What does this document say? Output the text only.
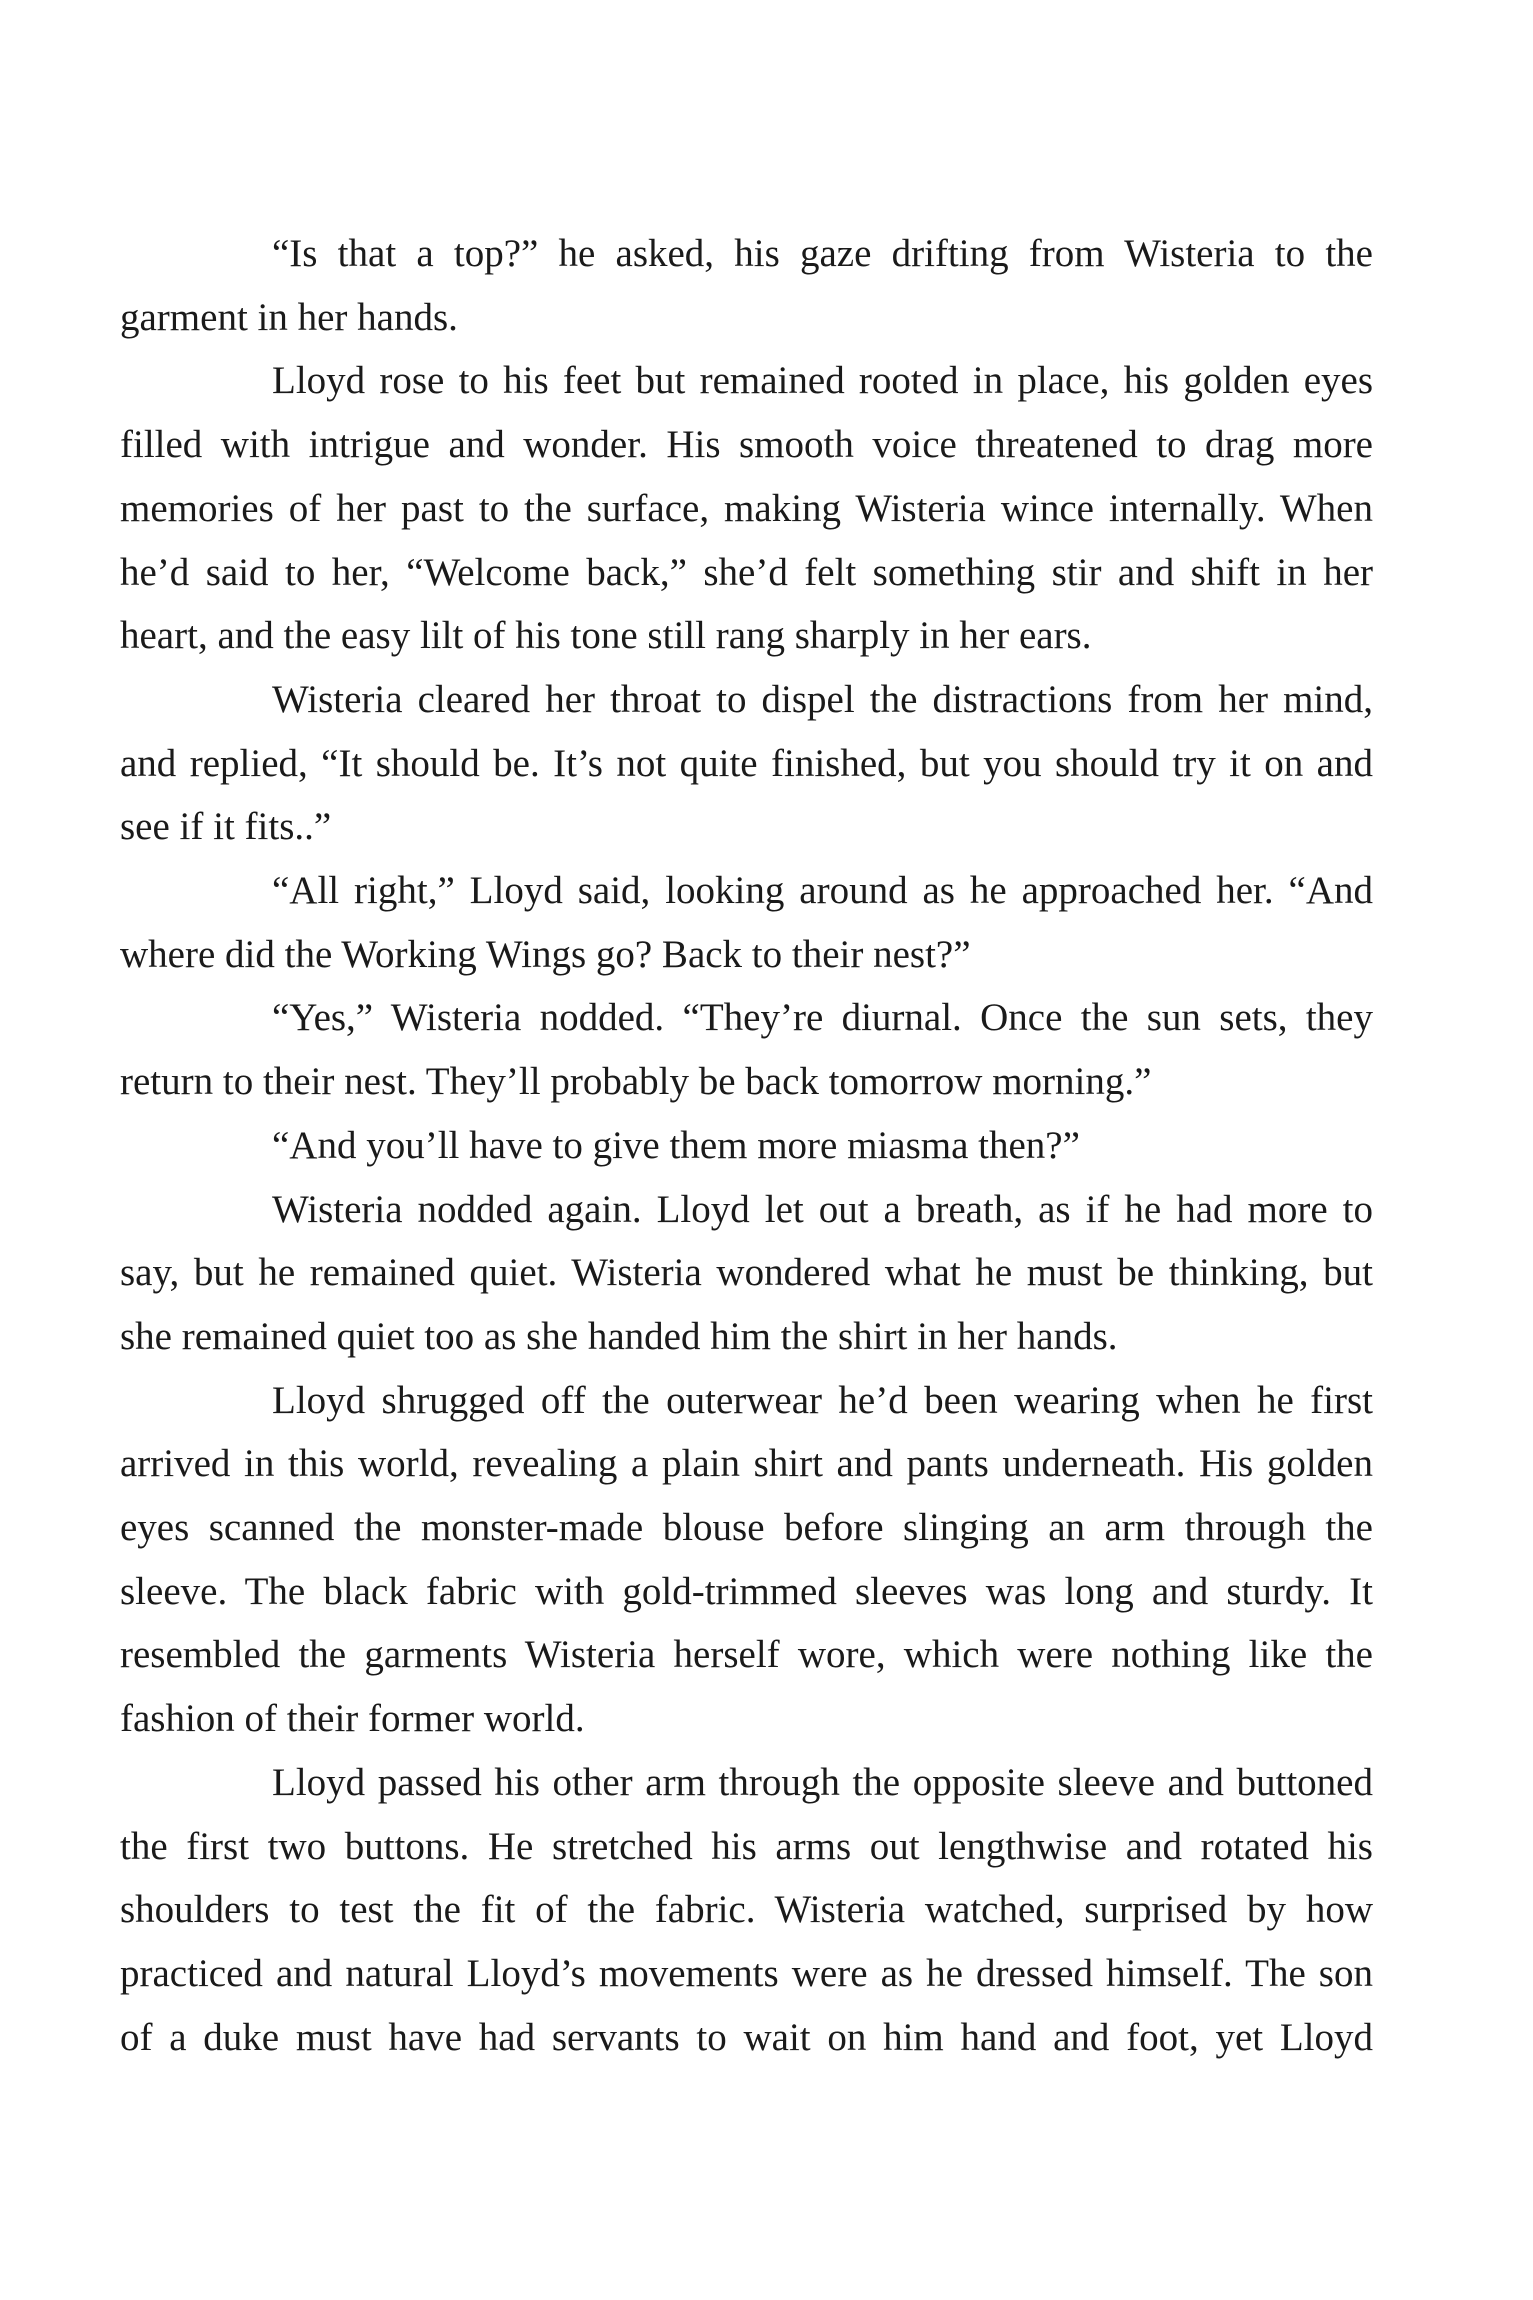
“Is that a top?” he asked, his gaze drifting from Wisteria to the garment in her hands.

Lloyd rose to his feet but remained rooted in place, his golden eyes filled with intrigue and wonder. His smooth voice threatened to drag more memories of her past to the surface, making Wisteria wince internally. When he’d said to her, “Welcome back,” she’d felt something stir and shift in her heart, and the easy lilt of his tone still rang sharply in her ears.

Wisteria cleared her throat to dispel the distractions from her mind, and replied, “It should be. It’s not quite finished, but you should try it on and see if it fits..”

“All right,” Lloyd said, looking around as he approached her. “And where did the Working Wings go? Back to their nest?”

“Yes,” Wisteria nodded. “They’re diurnal. Once the sun sets, they return to their nest. They’ll probably be back tomorrow morning.”

“And you’ll have to give them more miasma then?”

Wisteria nodded again. Lloyd let out a breath, as if he had more to say, but he remained quiet. Wisteria wondered what he must be thinking, but she remained quiet too as she handed him the shirt in her hands.

Lloyd shrugged off the outerwear he’d been wearing when he first arrived in this world, revealing a plain shirt and pants underneath. His golden eyes scanned the monster-made blouse before slinging an arm through the sleeve. The black fabric with gold-trimmed sleeves was long and sturdy. It resembled the garments Wisteria herself wore, which were nothing like the fashion of their former world.

Lloyd passed his other arm through the opposite sleeve and buttoned the first two buttons. He stretched his arms out lengthwise and rotated his shoulders to test the fit of the fabric. Wisteria watched, surprised by how practiced and natural Lloyd’s movements were as he dressed himself. The son of a duke must have had servants to wait on him hand and foot, yet Lloyd
